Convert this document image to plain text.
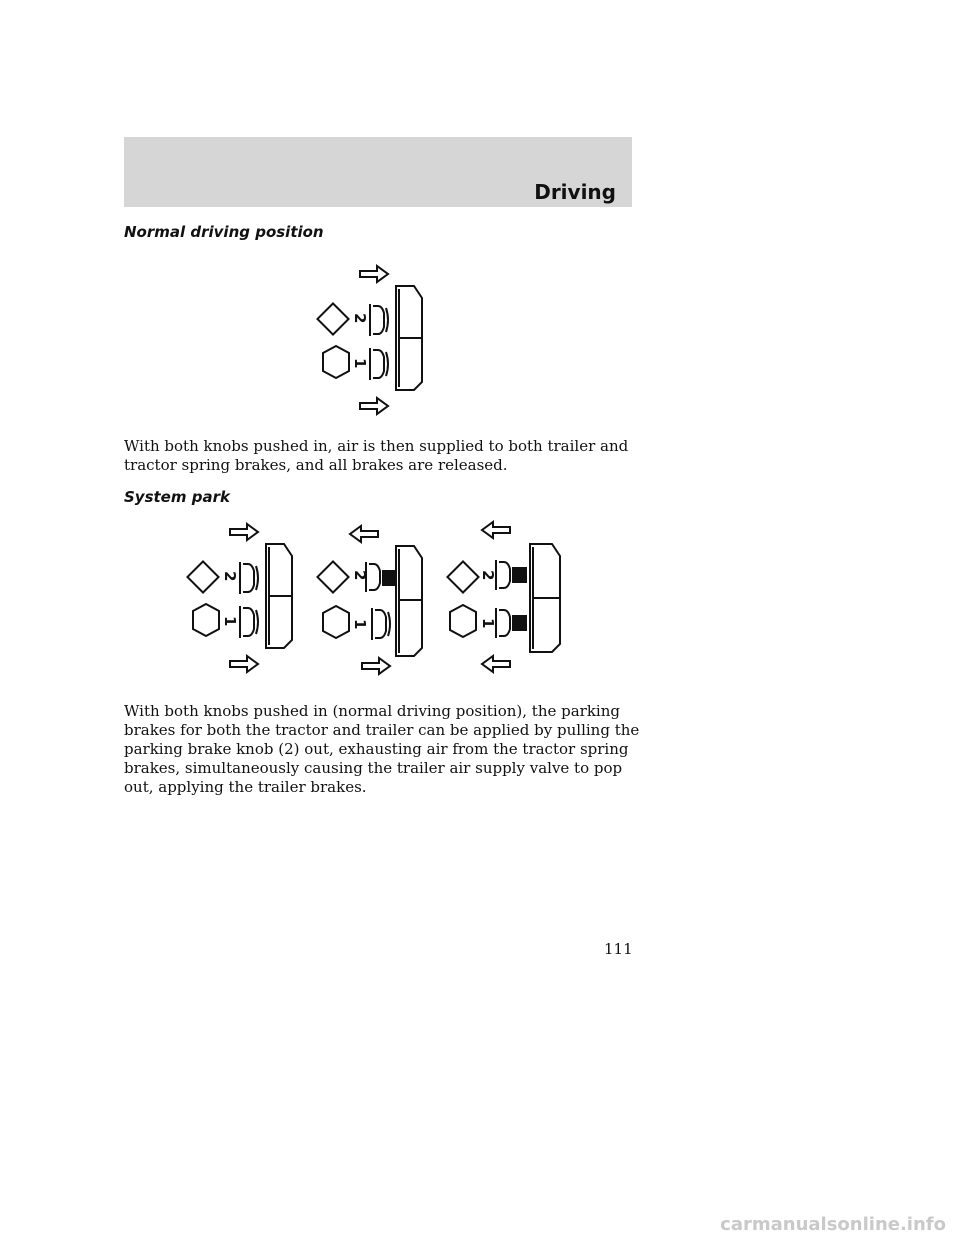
Driving
Normal driving position
2
1

With both knobs pushed in, air is then supplied to both trailer and tractor spring brakes, and all brakes are released.

System park
2
1
2
1
2
1

With both knobs pushed in (normal driving position), the parking brakes for both the tractor and trailer can be applied by pulling the parking brake knob (2) out, exhausting air from the tractor spring brakes, simultaneously causing the trailer air supply valve to pop out, applying the trailer brakes.

111
carmanualsonline.info
